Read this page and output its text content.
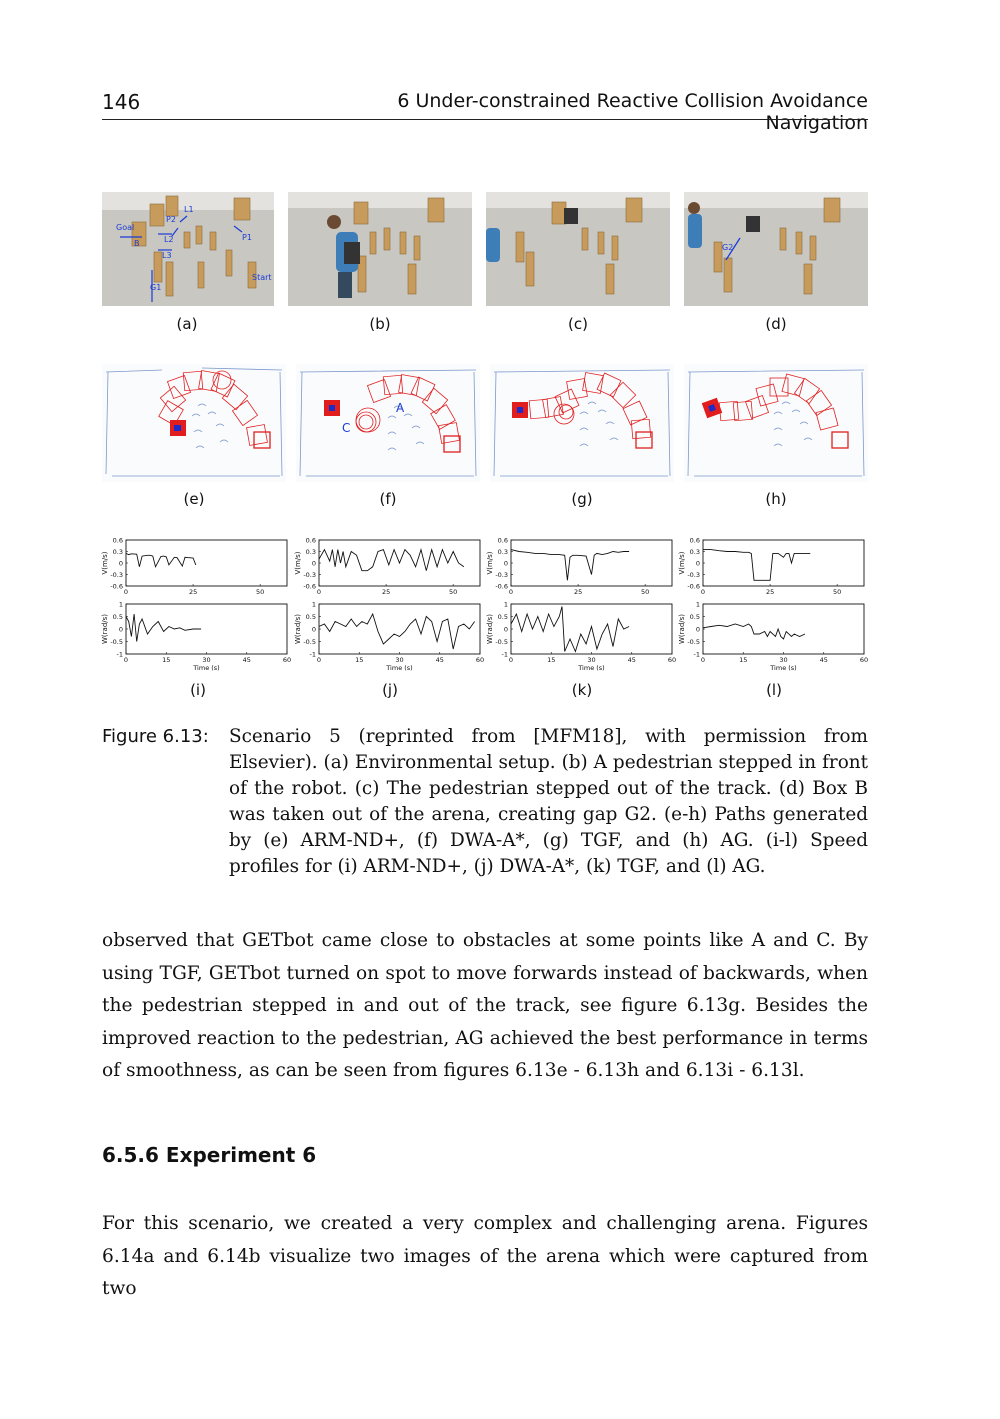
146	6 Under-constrained Reactive Collision Avoidance Navigation
Goal
B
P2
L1
L2
L3
G1
P1
Start
G2
(a)	(b)	(c)	(d)
A
C
(e)	(f)	(g)	(h)
0.6
0.3
0
-0.3
-0.6
0	25	50
V(m/s)
1
0.5
0
-0.5
-1
0	15	30	45	60
W(rad/s)
Time (s)
0.6
0.3
0
-0.3
-0.6
0	25	50
V(m/s)
1
0.5
0
-0.5
-1
0	15	30	45	60
W(rad/s)
Time (s)
0.6
0.3
0
-0.3
-0.6
0	25	50
V(m/s)
1
0.5
0
-0.5
-1
0	15	30	45	60
W(rad/s)
Time (s)
0.6
0.3
0
-0.3
-0.6
0	25	50
V(m/s)
1
0.5
0
-0.5
-1
0	15	30	45	60
W(rad/s)
Time (s)
(i)	(j)	(k)	(l)
Figure 6.13: Scenario 5 (reprinted from [MFM18], with permission from Elsevier). (a) Environmental setup. (b) A pedestrian stepped in front of the robot. (c) The pedestrian stepped out of the track. (d) Box B was taken out of the arena, creating gap G2. (e-h) Paths generated by (e) ARM-ND+, (f) DWA-A*, (g) TGF, and (h) AG. (i-l) Speed profiles for (i) ARM-ND+, (j) DWA-A*, (k) TGF, and (l) AG.
observed that GETbot came close to obstacles at some points like A and C. By using TGF, GETbot turned on spot to move forwards instead of backwards, when the pedestrian stepped in and out of the track, see figure 6.13g. Besides the improved reaction to the pedestrian, AG achieved the best performance in terms of smoothness, as can be seen from figures 6.13e - 6.13h and 6.13i - 6.13l.
6.5.6 Experiment 6
For this scenario, we created a very complex and challenging arena. Figures 6.14a and 6.14b visualize two images of the arena which were captured from two
